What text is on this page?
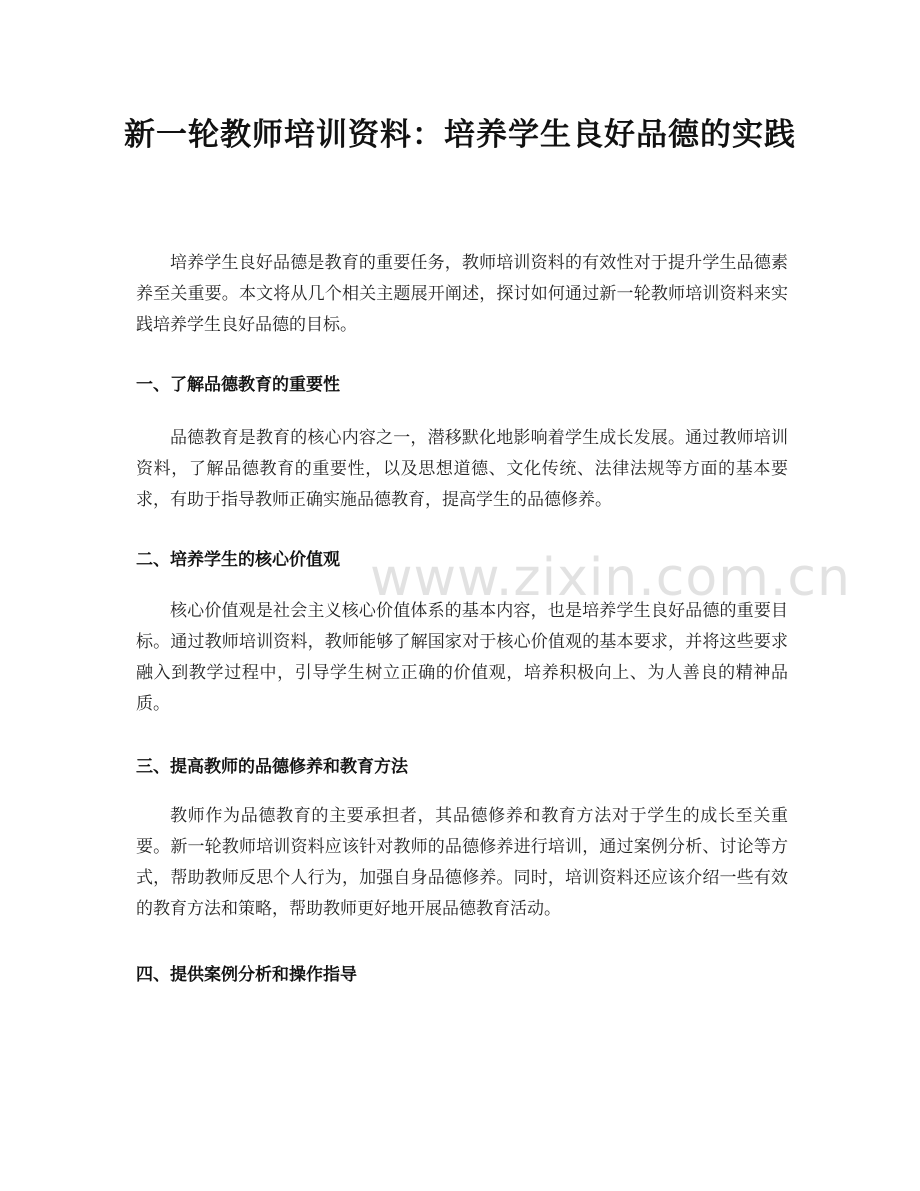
新一轮教师培训资料：培养学生良好品德的实践

培养学生良好品德是教育的重要任务，教师培训资料的有效性对于提升学生品德素养至关重要。本文将从几个相关主题展开阐述，探讨如何通过新一轮教师培训资料来实践培养学生良好品德的目标。

一、了解品德教育的重要性

品德教育是教育的核心内容之一，潜移默化地影响着学生成长发展。通过教师培训资料，了解品德教育的重要性，以及思想道德、文化传统、法律法规等方面的基本要求，有助于指导教师正确实施品德教育，提高学生的品德修养。

二、培养学生的核心价值观

核心价值观是社会主义核心价值体系的基本内容，也是培养学生良好品德的重要目标。通过教师培训资料，教师能够了解国家对于核心价值观的基本要求，并将这些要求融入到教学过程中，引导学生树立正确的价值观，培养积极向上、为人善良的精神品质。

三、提高教师的品德修养和教育方法

教师作为品德教育的主要承担者，其品德修养和教育方法对于学生的成长至关重要。新一轮教师培训资料应该针对教师的品德修养进行培训，通过案例分析、讨论等方式，帮助教师反思个人行为，加强自身品德修养。同时，培训资料还应该介绍一些有效的教育方法和策略，帮助教师更好地开展品德教育活动。

四、提供案例分析和操作指导
www.zixin.com.cn
